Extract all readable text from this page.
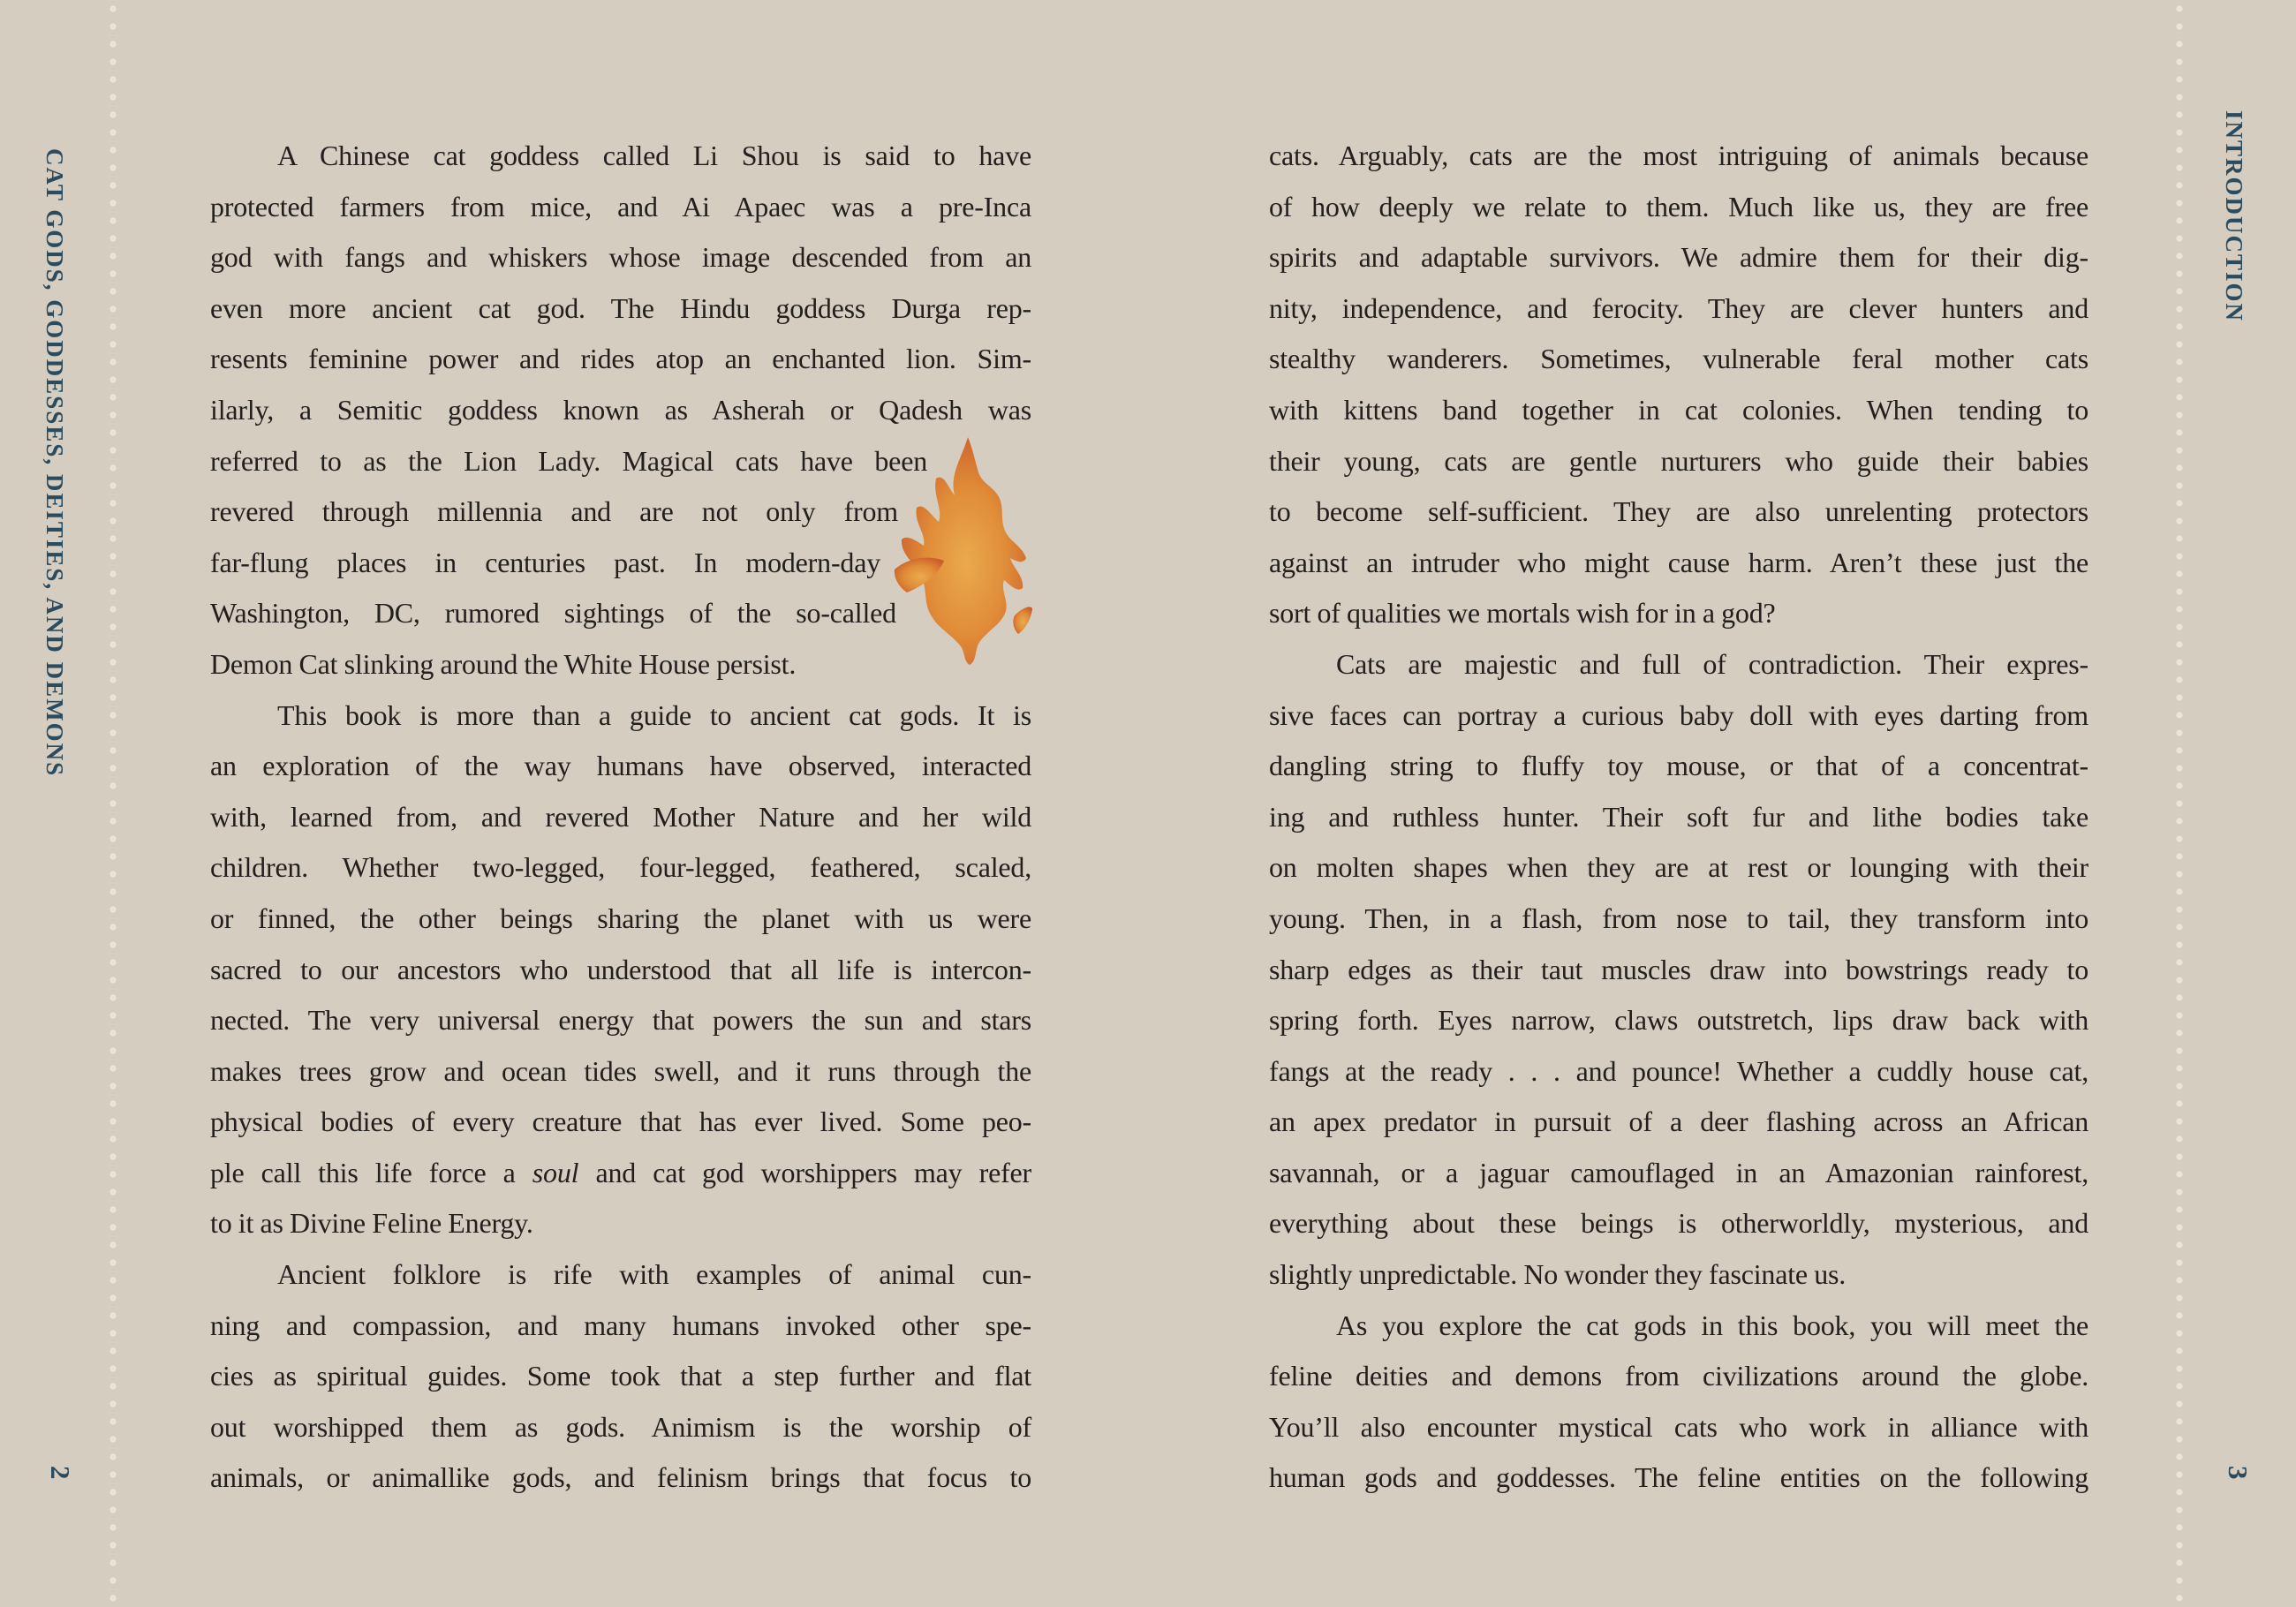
CAT GODS, GODDESSES, DEITIES, AND DEMONS	INTRODUCTION
2	3
A Chinese cat goddess called Li Shou is said to have
protected farmers from mice, and Ai Apaec was a pre-Inca
god with fangs and whiskers whose image descended from an
even more ancient cat god. The Hindu goddess Durga rep-
resents feminine power and rides atop an enchanted lion. Sim-
ilarly, a Semitic goddess known as Asherah or Qadesh was
referred to as the Lion Lady. Magical cats have been
revered through millennia and are not only from
far-flung places in centuries past. In modern-day
Washington, DC, rumored sightings of the so-called
Demon Cat slinking around the White House persist.
This book is more than a guide to ancient cat gods. It is
an exploration of the way humans have observed, interacted
with, learned from, and revered Mother Nature and her wild
children. Whether two-legged, four-legged, feathered, scaled,
or finned, the other beings sharing the planet with us were
sacred to our ancestors who understood that all life is intercon-
nected. The very universal energy that powers the sun and stars
makes trees grow and ocean tides swell, and it runs through the
physical bodies of every creature that has ever lived. Some peo-
ple call this life force a soul and cat god worshippers may refer
to it as Divine Feline Energy.
Ancient folklore is rife with examples of animal cun-
ning and compassion, and many humans invoked other spe-
cies as spiritual guides. Some took that a step further and flat
out worshipped them as gods. Animism is the worship of
animals, or animallike gods, and felinism brings that focus to
cats. Arguably, cats are the most intriguing of animals because
of how deeply we relate to them. Much like us, they are free
spirits and adaptable survivors. We admire them for their dig-
nity, independence, and ferocity. They are clever hunters and
stealthy wanderers. Sometimes, vulnerable feral mother cats
with kittens band together in cat colonies. When tending to
their young, cats are gentle nurturers who guide their babies
to become self-sufficient. They are also unrelenting protectors
against an intruder who might cause harm. Aren’t these just the
sort of qualities we mortals wish for in a god?
Cats are majestic and full of contradiction. Their expres-
sive faces can portray a curious baby doll with eyes darting from
dangling string to fluffy toy mouse, or that of a concentrat-
ing and ruthless hunter. Their soft fur and lithe bodies take
on molten shapes when they are at rest or lounging with their
young. Then, in a flash, from nose to tail, they transform into
sharp edges as their taut muscles draw into bowstrings ready to
spring forth. Eyes narrow, claws outstretch, lips draw back with
fangs at the ready . . . and pounce! Whether a cuddly house cat,
an apex predator in pursuit of a deer flashing across an African
savannah, or a jaguar camouflaged in an Amazonian rainforest,
everything about these beings is otherworldly, mysterious, and
slightly unpredictable. No wonder they fascinate us.
As you explore the cat gods in this book, you will meet the
feline deities and demons from civilizations around the globe.
You’ll also encounter mystical cats who work in alliance with
human gods and goddesses. The feline entities on the following
